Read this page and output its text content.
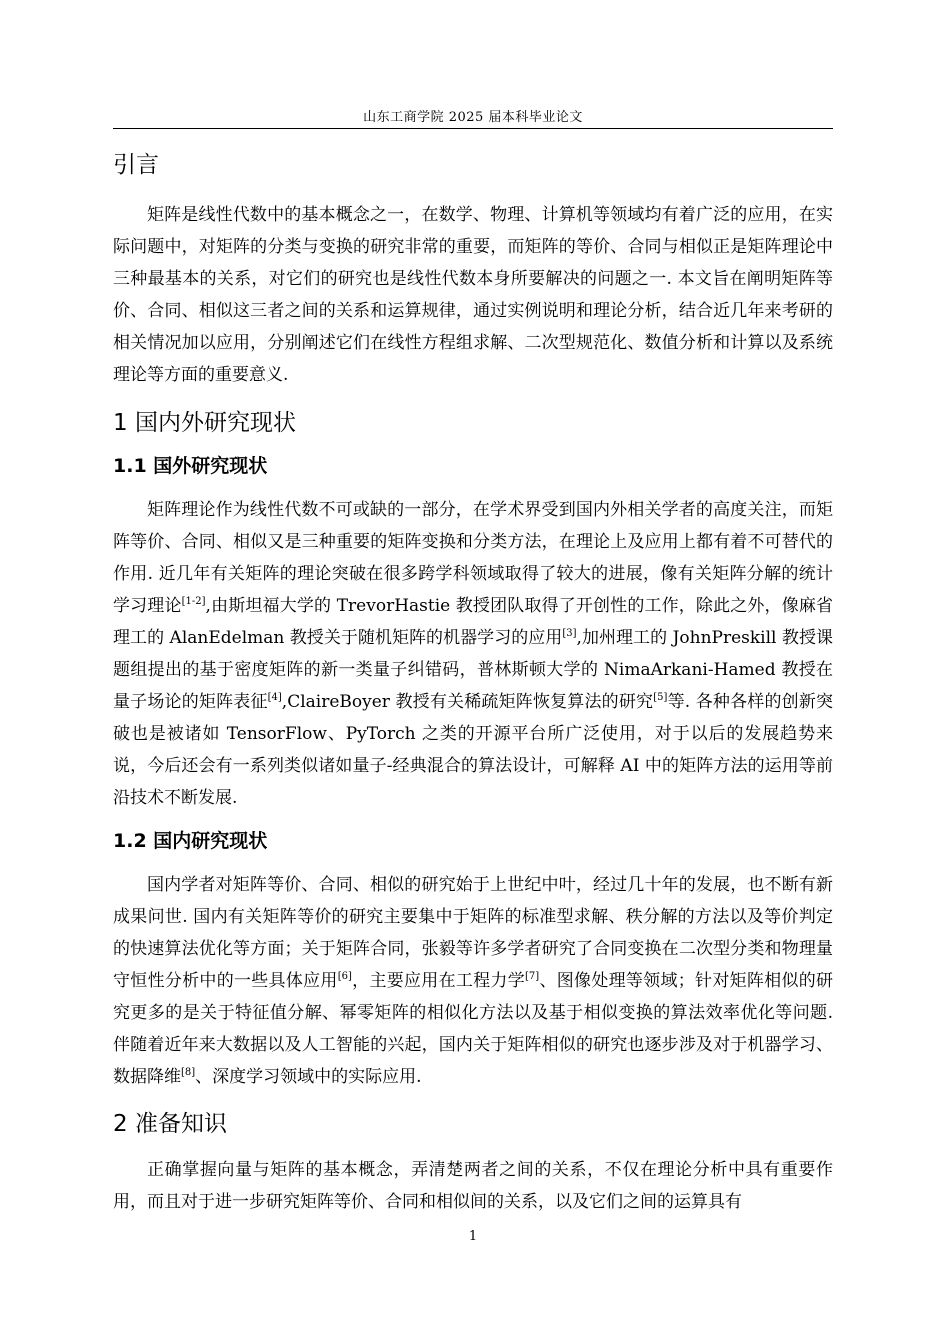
山东工商学院 2025 届本科毕业论文
引言

矩阵是线性代数中的基本概念之一，在数学、物理、计算机等领域均有着广泛的应用，在实际问题中，对矩阵的分类与变换的研究非常的重要，而矩阵的等价、合同与相似正是矩阵理论中三种最基本的关系，对它们的研究也是线性代数本身所要解决的问题之一. 本文旨在阐明矩阵等价、合同、相似这三者之间的关系和运算规律，通过实例说明和理论分析，结合近几年来考研的相关情况加以应用，分别阐述它们在线性方程组求解、二次型规范化、数值分析和计算以及系统理论等方面的重要意义.

1 国内外研究现状
1.1 国外研究现状

矩阵理论作为线性代数不可或缺的一部分，在学术界受到国内外相关学者的高度关注，而矩阵等价、合同、相似又是三种重要的矩阵变换和分类方法，在理论上及应用上都有着不可替代的作用. 近几年有关矩阵的理论突破在很多跨学科领域取得了较大的进展，像有关矩阵分解的统计学习理论[1-2],由斯坦福大学的 TrevorHastie 教授团队取得了开创性的工作，除此之外，像麻省理工的 AlanEdelman 教授关于随机矩阵的机器学习的应用[3],加州理工的 JohnPreskill 教授课题组提出的基于密度矩阵的新一类量子纠错码，普林斯顿大学的 NimaArkani-Hamed 教授在量子场论的矩阵表征[4],ClaireBoyer 教授有关稀疏矩阵恢复算法的研究[5]等. 各种各样的创新突破也是被诸如 TensorFlow、PyTorch 之类的开源平台所广泛使用，对于以后的发展趋势来说，今后还会有一系列类似诸如量子-经典混合的算法设计，可解释 AI 中的矩阵方法的运用等前沿技术不断发展.

1.2 国内研究现状

国内学者对矩阵等价、合同、相似的研究始于上世纪中叶，经过几十年的发展，也不断有新成果问世. 国内有关矩阵等价的研究主要集中于矩阵的标准型求解、秩分解的方法以及等价判定的快速算法优化等方面；关于矩阵合同，张毅等许多学者研究了合同变换在二次型分类和物理量守恒性分析中的一些具体应用[6]，主要应用在工程力学[7]、图像处理等领域；针对矩阵相似的研究更多的是关于特征值分解、幂零矩阵的相似化方法以及基于相似变换的算法效率优化等问题. 伴随着近年来大数据以及人工智能的兴起，国内关于矩阵相似的研究也逐步涉及对于机器学习、数据降维[8]、深度学习领域中的实际应用.

2 准备知识

正确掌握向量与矩阵的基本概念，弄清楚两者之间的关系，不仅在理论分析中具有重要作用，而且对于进一步研究矩阵等价、合同和相似间的关系，以及它们之间的运算具有

1
